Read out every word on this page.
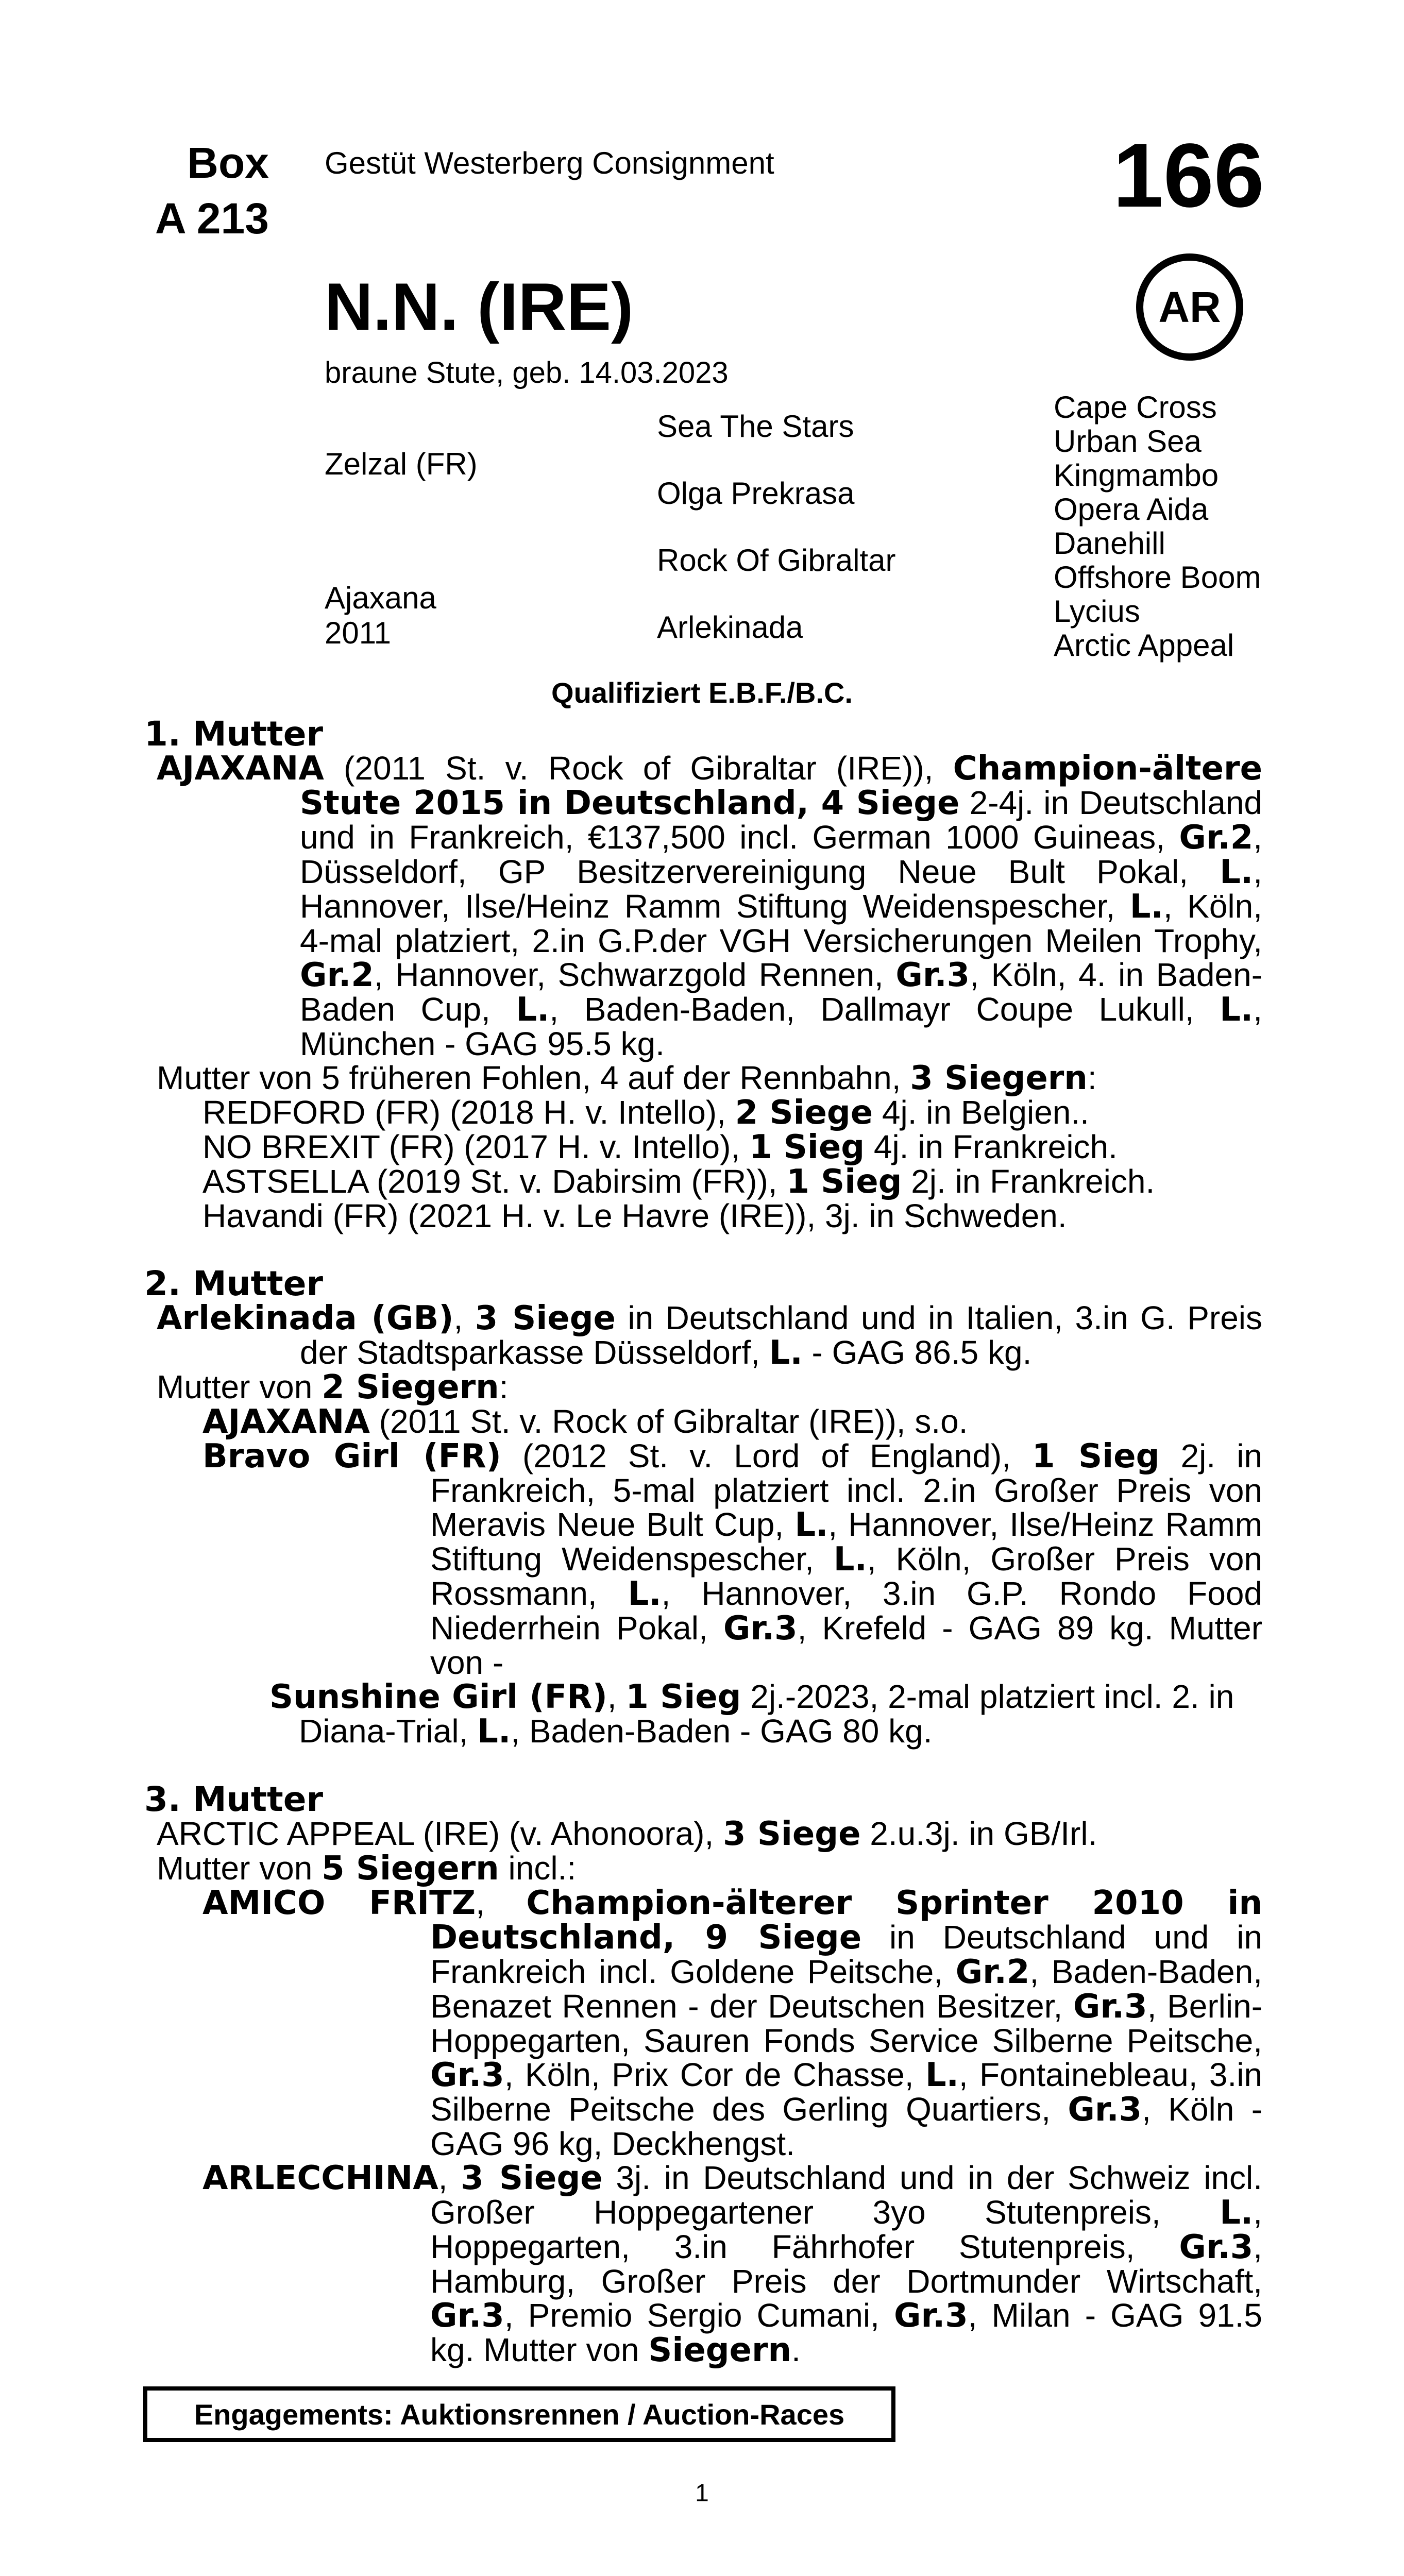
Box
A 213
Gestüt Westerberg Consignment	166
N.N. (IRE)	AR
braune Stute, geb. 14.03.2023
Zelzal (FR)
Ajaxana
2011
Sea The Stars
Olga Prekrasa
Rock Of Gibraltar
Arlekinada
Cape Cross
Urban Sea
Kingmambo
Opera Aida
Danehill
Offshore Boom
Lycius
Arctic Appeal
Qualifiziert E.B.F./B.C.
1. Mutter
AJAXANA (2011 St. v. Rock of Gibraltar (IRE)), Champion-ältere Stute 2015 in Deutschland, 4 Siege 2-4j. in Deutschland und in Frankreich, €137,500 incl. German 1000 Guineas, Gr.2, Düsseldorf, GP Besitzervereinigung Neue Bult Pokal, L., Hannover, Ilse/Heinz Ramm Stiftung Weidenspescher, L., Köln, 4-mal platziert, 2.in G.P.der VGH Versicherungen Meilen Trophy, Gr.2, Hannover, Schwarzgold Rennen, Gr.3, Köln, 4. in Baden-Baden Cup, L., Baden-Baden, Dallmayr Coupe Lukull, L., München - GAG 95.5 kg.
Mutter von 5 früheren Fohlen, 4 auf der Rennbahn, 3 Siegern:
REDFORD (FR) (2018 H. v. Intello), 2 Siege 4j. in Belgien..
NO BREXIT (FR) (2017 H. v. Intello), 1 Sieg 4j. in Frankreich.
ASTSELLA (2019 St. v. Dabirsim (FR)), 1 Sieg 2j. in Frankreich.
Havandi (FR) (2021 H. v. Le Havre (IRE)), 3j. in Schweden.
2. Mutter
Arlekinada (GB), 3 Siege in Deutschland und in Italien, 3.in G. Preis der Stadtsparkasse Düsseldorf, L. - GAG 86.5 kg.
Mutter von 2 Siegern:
AJAXANA (2011 St. v. Rock of Gibraltar (IRE)), s.o.
Bravo Girl (FR) (2012 St. v. Lord of England), 1 Sieg 2j. in Frankreich, 5-mal platziert incl. 2.in Großer Preis von Meravis Neue Bult Cup, L., Hannover, Ilse/Heinz Ramm Stiftung Weidenspescher, L., Köln, Großer Preis von Rossmann, L., Hannover, 3.in G.P. Rondo Food Niederrhein Pokal, Gr.3, Krefeld - GAG 89 kg. Mutter von -
Sunshine Girl (FR), 1 Sieg 2j.-2023, 2-mal platziert incl. 2. in Diana-Trial, L., Baden-Baden - GAG 80 kg.
3. Mutter
ARCTIC APPEAL (IRE) (v. Ahonoora), 3 Siege 2.u.3j. in GB/Irl.
Mutter von 5 Siegern incl.:
AMICO FRITZ, Champion-älterer Sprinter 2010 in Deutschland, 9 Siege in Deutschland und in Frankreich incl. Goldene Peitsche, Gr.2, Baden-Baden, Benazet Rennen - der Deutschen Besitzer, Gr.3, Berlin-Hoppegarten, Sauren Fonds Service Silberne Peitsche, Gr.3, Köln, Prix Cor de Chasse, L., Fontainebleau, 3.in Silberne Peitsche des Gerling Quartiers, Gr.3, Köln - GAG 96 kg, Deckhengst.
ARLECCHINA, 3 Siege 3j. in Deutschland und in der Schweiz incl. Großer Hoppegartener 3yo Stutenpreis, L., Hoppegarten, 3.in Fährhofer Stutenpreis, Gr.3, Hamburg, Großer Preis der Dortmunder Wirtschaft, Gr.3, Premio Sergio Cumani, Gr.3, Milan - GAG 91.5 kg. Mutter von Siegern.
Engagements: Auktionsrennen / Auction-Races
1
